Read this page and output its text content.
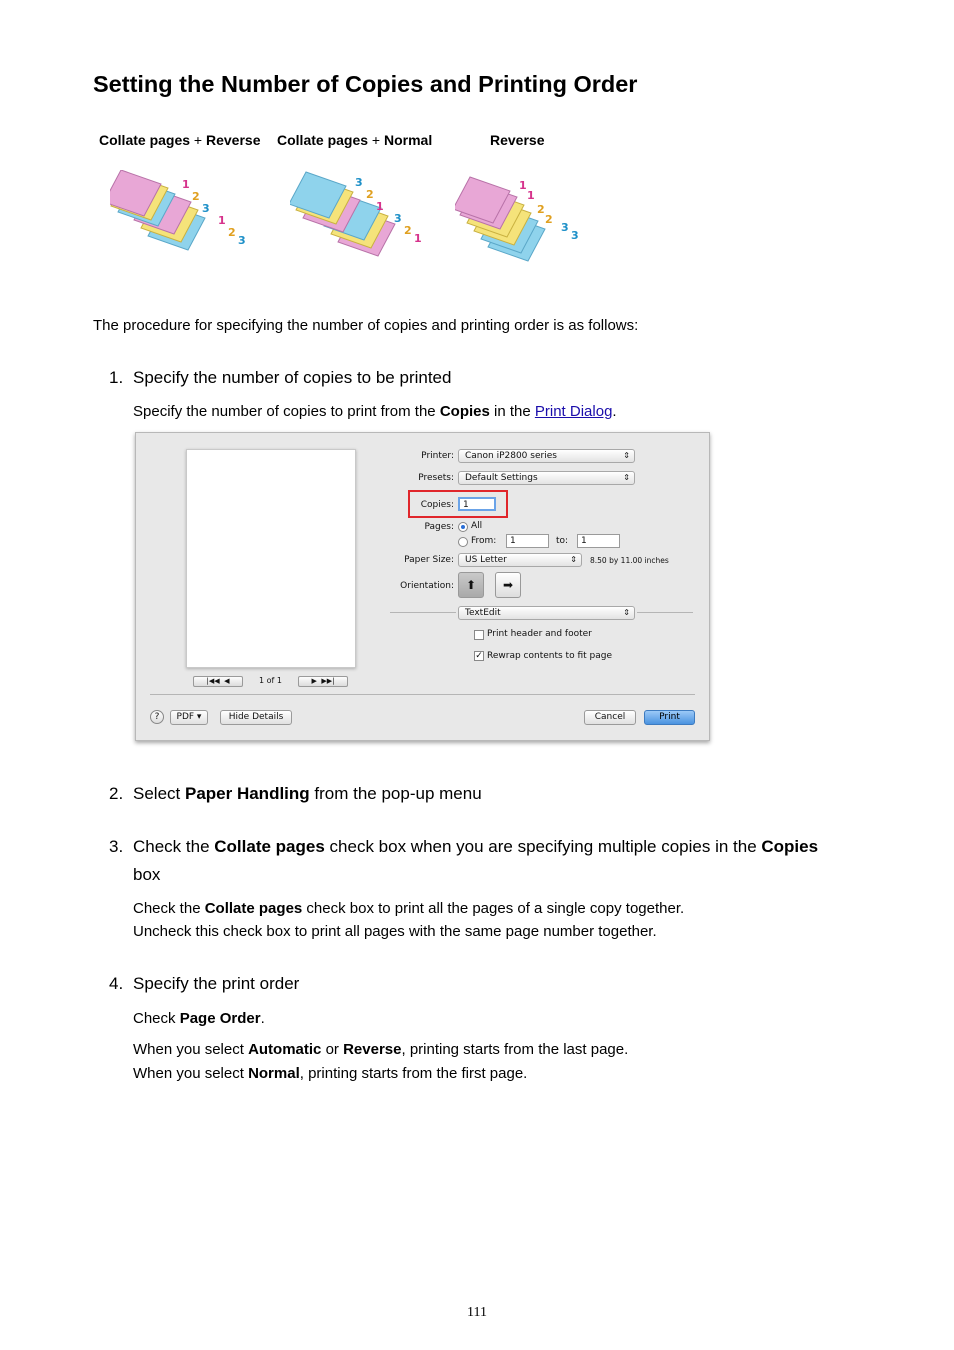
Setting the Number of Copies and Printing Order
Collate pages + Reverse Collate pages + Normal	Reverse
1
2
3
1
2
3
3
2
1
3
2
1
1
1
2
2
3
3
The procedure for specifying the number of copies and printing order is as follows:
1. Specify the number of copies to be printed
Specify the number of copies to print from the Copies in the Print Dialog.
|◀◀ ◀	1 of 1	▶ ▶▶|
Printer:	Canon iP2800 series	⇕
Presets:	Default Settings	⇕
Copies:	1
Pages: All
From:	1	to:	1
Paper Size:	US Letter	⇕ 8.50 by 11.00 inches
Orientation: ⬆	➡
TextEdit	⇕
Print header and footer
✓ Rewrap contents to fit page
?	PDF ▾	Hide Details	Cancel	Print
2. Select Paper Handling from the pop-up menu
3. Check the Collate pages check box when you are specifying multiple copies in the Copies
box
Check the Collate pages check box to print all the pages of a single copy together.
Uncheck this check box to print all pages with the same page number together.
4. Specify the print order
Check Page Order.
When you select Automatic or Reverse, printing starts from the last page.
When you select Normal, printing starts from the first page.
111
